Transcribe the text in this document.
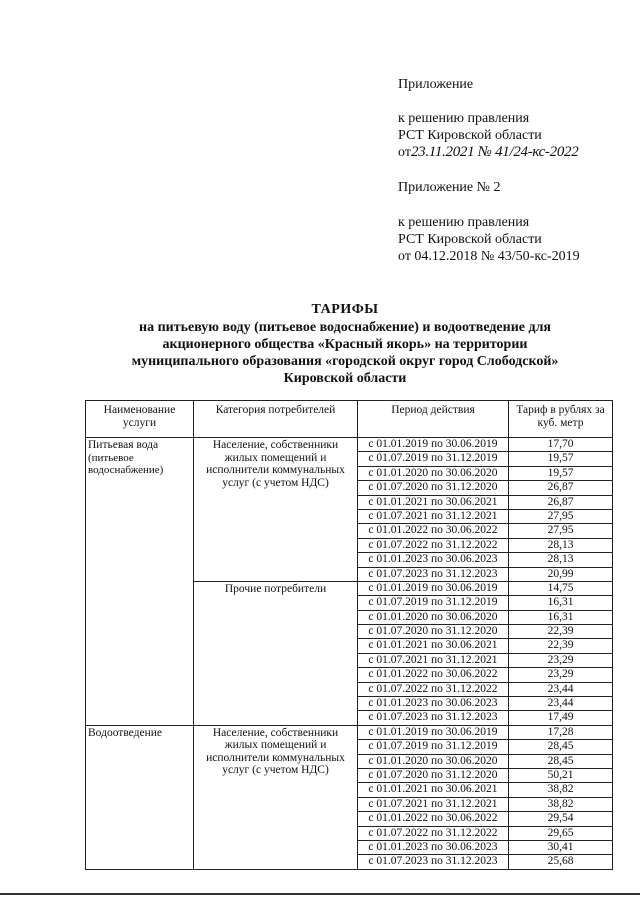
Приложение
к решению правления
РСТ Кировской области
от23.11.2021 № 41/24-кс-2022
Приложение № 2
к решению правления
РСТ Кировской области
от 04.12.2018 № 43/50-кс-2019
ТАРИФЫ
на питьевую воду (питьевое водоснабжение) и водоотведение для
акционерного общества «Красный якорь» на территории
муниципального образования «городской округ город Слободской»
Кировской области
Наименование услуги	Категория потребителей	Период действия	Тариф в рублях за куб. метр

Питьевая вода
(питьевое водоснабжение)	Население, собственники жилых помещений и исполнители коммунальных услуг (с учетом НДС)	с 01.01.2019 по 30.06.2019	17,70
		с 01.07.2019 по 31.12.2019	19,57
		с 01.01.2020 по 30.06.2020	19,57
		с 01.07.2020 по 31.12.2020	26,87
		с 01.01.2021 по 30.06.2021	26,87
		с 01.07.2021 по 31.12.2021	27,95
		с 01.01.2022 по 30.06.2022	27,95
		с 01.07.2022 по 31.12.2022	28,13
		с 01.01.2023 по 30.06.2023	28,13
		с 01.07.2023 по 31.12.2023	20,99
	Прочие потребители	с 01.01.2019 по 30.06.2019	14,75
		с 01.07.2019 по 31.12.2019	16,31
		с 01.01.2020 по 30.06.2020	16,31
		с 01.07.2020 по 31.12.2020	22,39
		с 01.01.2021 по 30.06.2021	22,39
		с 01.07.2021 по 31.12.2021	23,29
		с 01.01.2022 по 30.06.2022	23,29
		с 01.07.2022 по 31.12.2022	23,44
		с 01.01.2023 по 30.06.2023	23,44
		с 01.07.2023 по 31.12.2023	17,49

Водоотведение	Население, собственники жилых помещений и исполнители коммунальных услуг (с учетом НДС)	с 01.01.2019 по 30.06.2019	17,28
		с 01.07.2019 по 31.12.2019	28,45
		с 01.01.2020 по 30.06.2020	28,45
		с 01.07.2020 по 31.12.2020	50,21
		с 01.01.2021 по 30.06.2021	38,82
		с 01.07.2021 по 31.12.2021	38,82
		с 01.01.2022 по 30.06.2022	29,54
		с 01.07.2022 по 31.12.2022	29,65
		с 01.01.2023 по 30.06.2023	30,41
		с 01.07.2023 по 31.12.2023	25,68
